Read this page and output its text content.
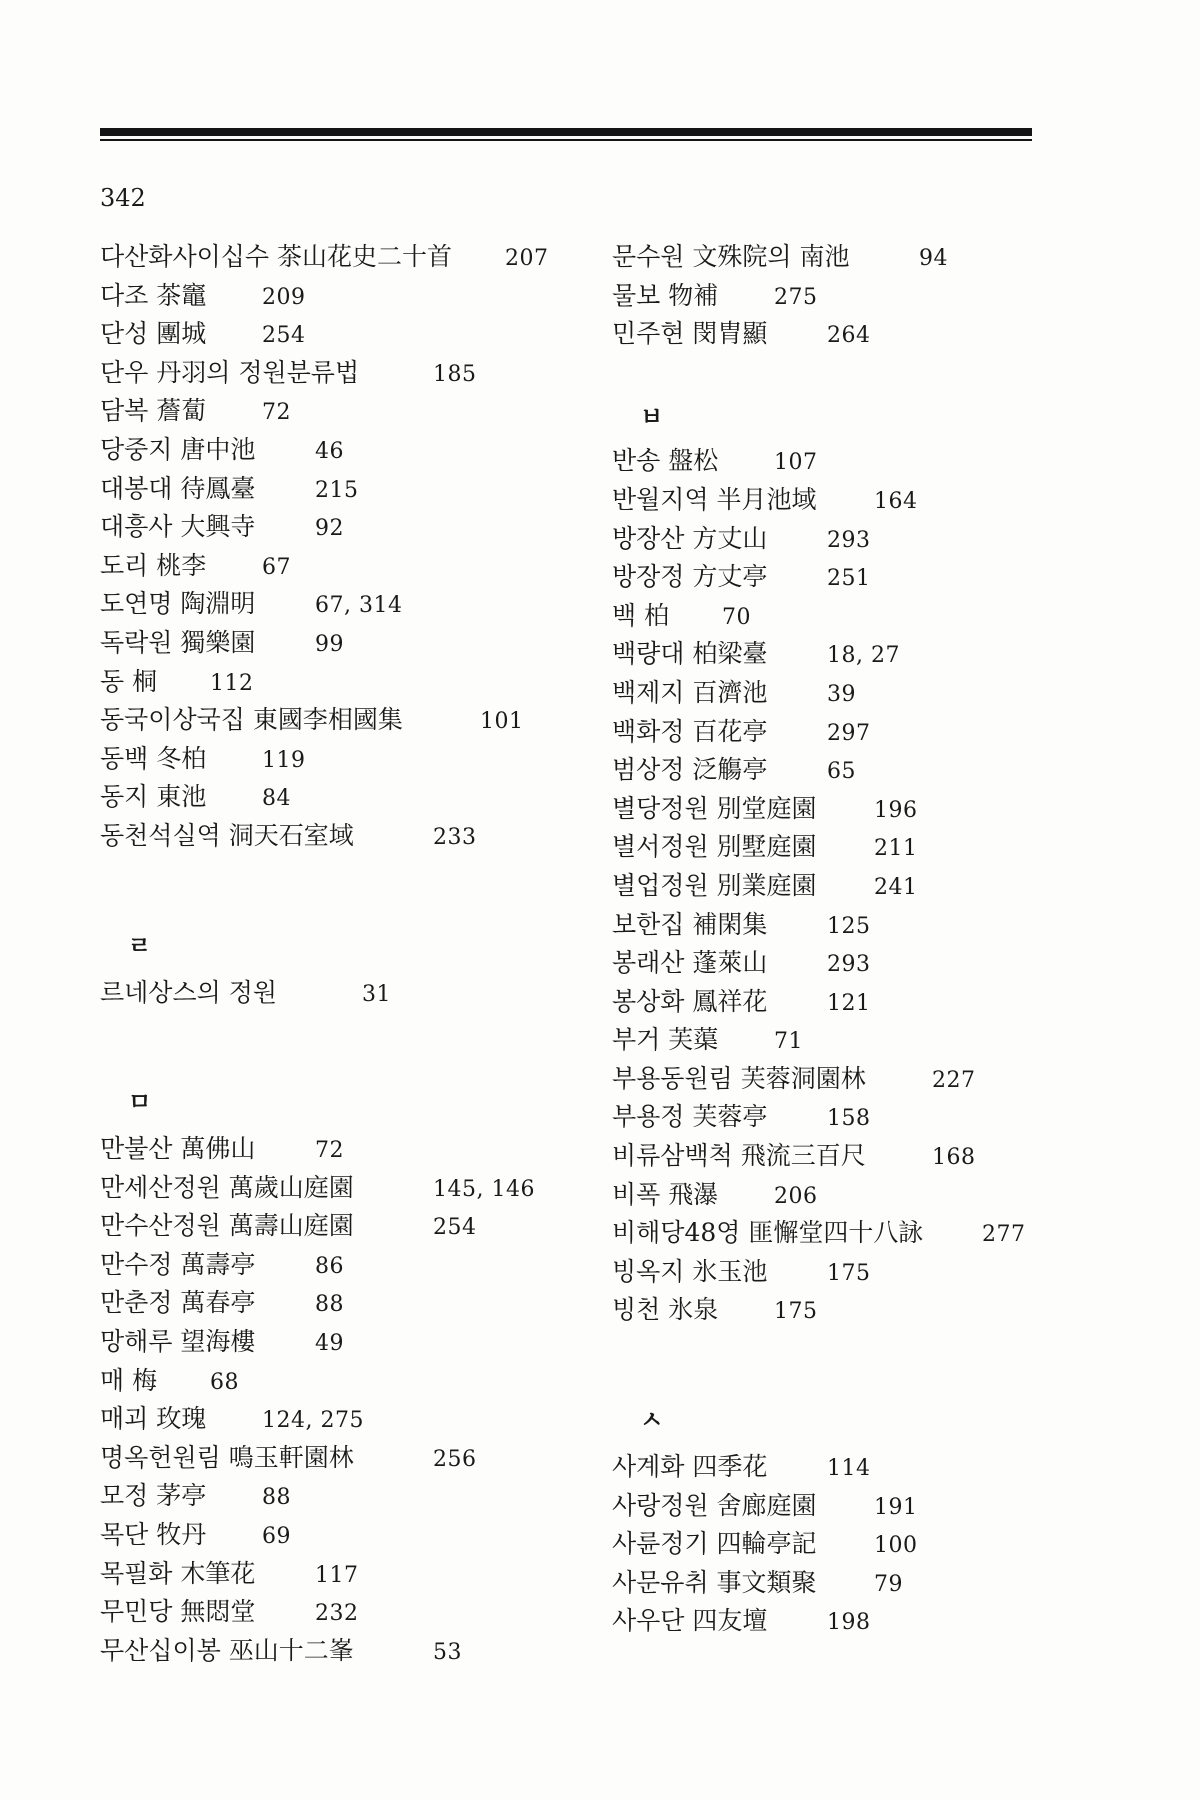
342
다산화사이십수 茶山花史二十首 207
다조 茶竈	209
단성 團城	254
단우 丹羽의 정원분류법	185
담복 薝蔔	72
당중지 唐中池	46
대봉대 待鳳臺	215
대흥사 大興寺	92
도리 桃李	67
도연명 陶淵明	67, 314
독락원 獨樂園	99
동 桐 112
동국이상국집 東國李相國集	101
동백 冬柏	119
동지 東池	84
동천석실역 洞天石室域	233
ㄹ
르네상스의 정원	31
ㅁ
만불산 萬佛山	72
만세산정원 萬歲山庭園	145, 146
만수산정원 萬壽山庭園	254
만수정 萬壽亭	86
만춘정 萬春亭	88
망해루 望海樓	49
매 梅 68
매괴 玫瑰	124, 275
명옥헌원림 鳴玉軒園林	256
모정 茅亭	88
목단 牧丹	69
목필화 木筆花	117
무민당 無悶堂	232
무산십이봉 巫山十二峯	53
문수원 文殊院의 南池	94
물보 物補	275
민주현 閔胄顯	264
ㅂ
반송 盤松	107
반월지역 半月池域	164
방장산 方丈山	293
방장정 方丈亭	251
백 柏 70
백량대 柏梁臺	18, 27
백제지 百濟池	39
백화정 百花亭	297
범상정 泛觴亭	65
별당정원 別堂庭園	196
별서정원 別墅庭園	211
별업정원 別業庭園	241
보한집 補閑集	125
봉래산 蓬萊山	293
봉상화 鳳祥花	121
부거 芙蕖	71
부용동원림 芙蓉洞園林	227
부용정 芙蓉亭	158
비류삼백척 飛流三百尺	168
비폭 飛瀑	206
비해당48영 匪懈堂四十八詠	277
빙옥지 氷玉池	175
빙천 氷泉	175
ㅅ
사계화 四季花	114
사랑정원 舍廊庭園	191
사륜정기 四輪亭記	100
사문유취 事文類聚	79
사우단 四友壇	198
